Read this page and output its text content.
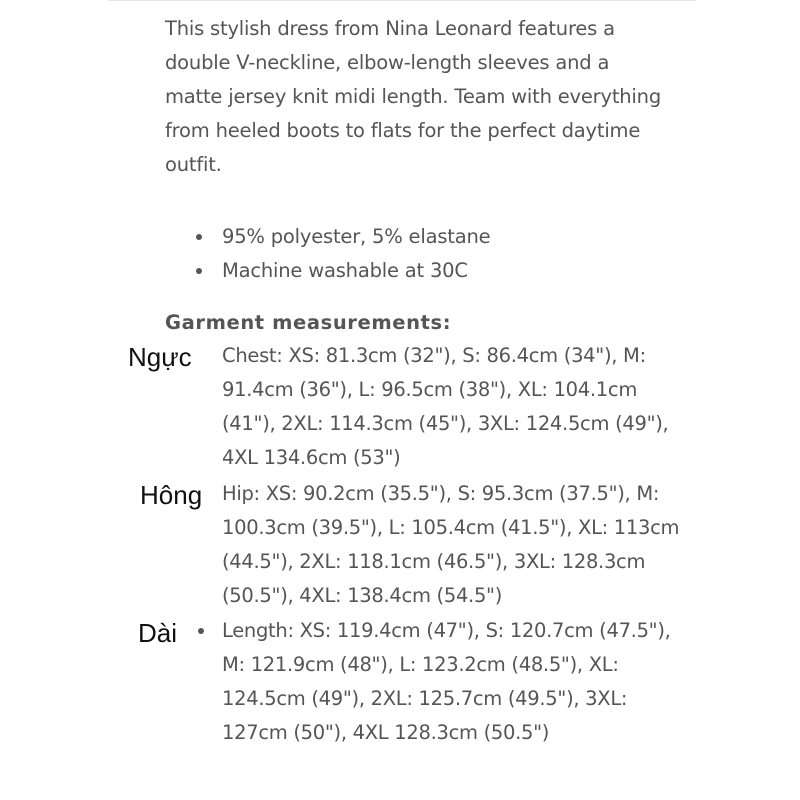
This stylish dress from Nina Leonard features a double V-neckline, elbow-length sleeves and a matte jersey knit midi length. Team with everything from heeled boots to flats for the perfect daytime outfit.

95% polyester, 5% elastane
Machine washable at 30C
Garment measurements:

Ngực Chest: XS: 81.3cm (32"), S: 86.4cm (34"), M: 91.4cm (36"), L: 96.5cm (38"), XL: 104.1cm (41"), 2XL: 114.3cm (45"), 3XL: 124.5cm (49"), 4XL 134.6cm (53")

Hông Hip: XS: 90.2cm (35.5"), S: 95.3cm (37.5"), M: 100.3cm (39.5"), L: 105.4cm (41.5"), XL: 113cm (44.5"), 2XL: 118.1cm (46.5"), 3XL: 128.3cm (50.5"), 4XL: 138.4cm (54.5")

Dài Length: XS: 119.4cm (47"), S: 120.7cm (47.5"), M: 121.9cm (48"), L: 123.2cm (48.5"), XL: 124.5cm (49"), 2XL: 125.7cm (49.5"), 3XL: 127cm (50"), 4XL 128.3cm (50.5")
